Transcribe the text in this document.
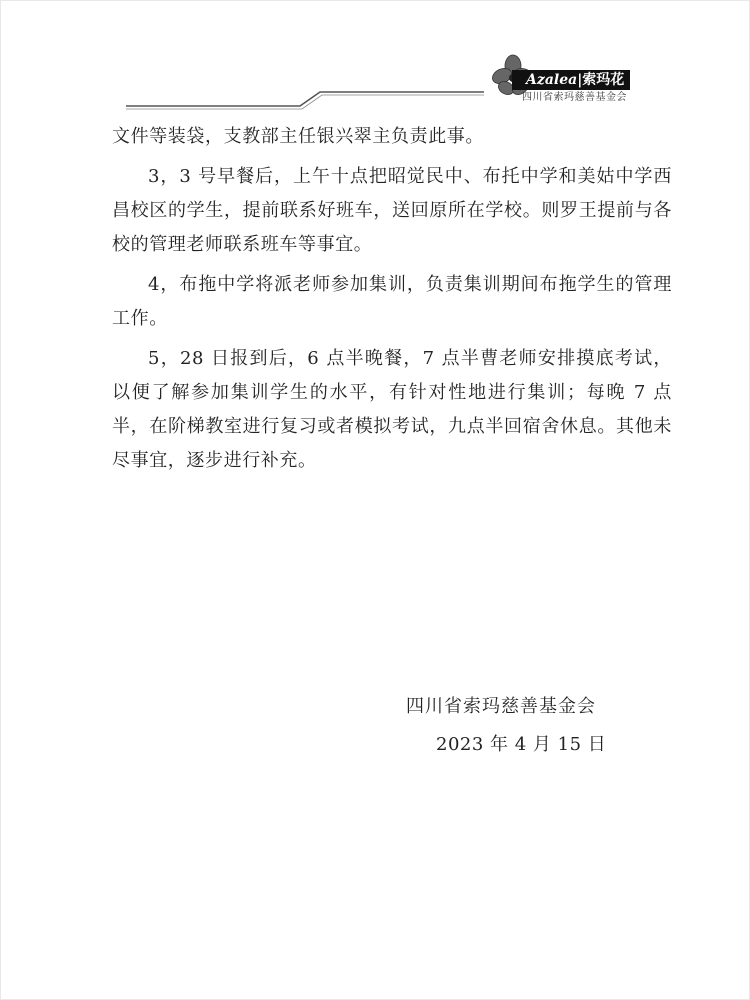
Azalea|索玛花
四川省索玛慈善基金会

文件等装袋，支教部主任银兴翠主负责此事。

3，3 号早餐后，上午十点把昭觉民中、布托中学和美姑中学西昌校区的学生，提前联系好班车，送回原所在学校。则罗王提前与各校的管理老师联系班车等事宜。

4，布拖中学将派老师参加集训，负责集训期间布拖学生的管理工作。

5，28 日报到后，6 点半晚餐，7 点半曹老师安排摸底考试，以便了解参加集训学生的水平，有针对性地进行集训；每晚 7 点半，在阶梯教室进行复习或者模拟考试，九点半回宿舍休息。其他未尽事宜，逐步进行补充。

四川省索玛慈善基金会
2023 年 4 月 15 日
